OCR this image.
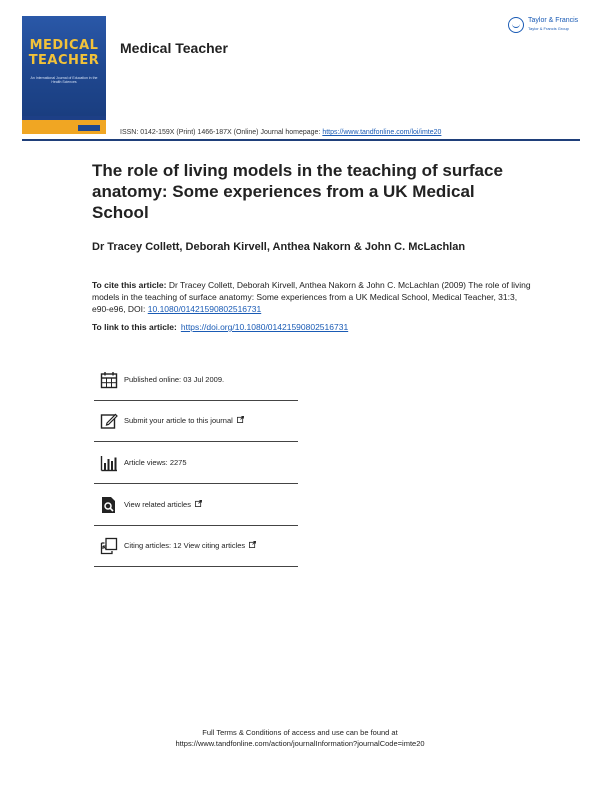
MEDICAL
TEACHER
An International Journal of Education in the Health Sciences
Medical Teacher
Taylor & Francis
Taylor & Francis Group
ISSN: 0142-159X (Print) 1466-187X (Online) Journal homepage: https://www.tandfonline.com/loi/imte20
The role of living models in the teaching of surface anatomy: Some experiences from a UK Medical School
Dr Tracey Collett, Deborah Kirvell, Anthea Nakorn & John C. McLachlan
To cite this article: Dr Tracey Collett, Deborah Kirvell, Anthea Nakorn & John C. McLachlan (2009) The role of living models in the teaching of surface anatomy: Some experiences from a UK Medical School, Medical Teacher, 31:3, e90-e96, DOI: 10.1080/01421590802516731
To link to this article: https://doi.org/10.1080/01421590802516731
Published online: 03 Jul 2009.
Submit your article to this journal
Article views: 2275
View related articles
Citing articles: 12 View citing articles
Full Terms & Conditions of access and use can be found at
https://www.tandfonline.com/action/journalInformation?journalCode=imte20
